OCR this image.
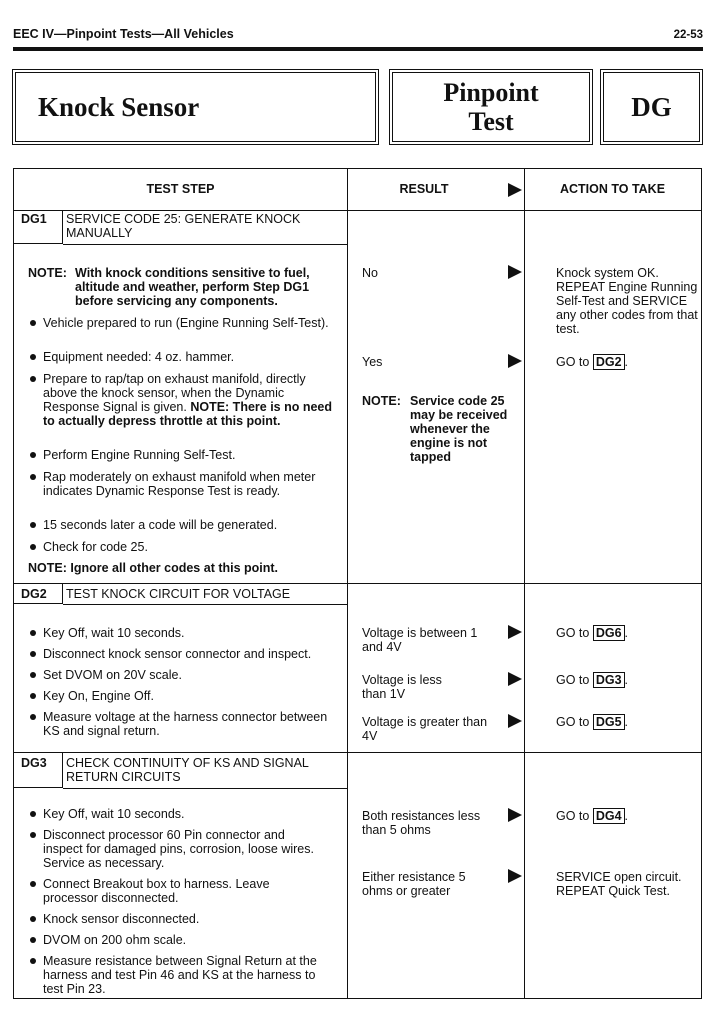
EEC IV—Pinpoint Tests—All Vehicles	22-53
Knock Sensor	Pinpoint
Test	DG
TEST STEP	RESULT	ACTION TO TAKE
DG1 SERVICE CODE 25: GENERATE KNOCK MANUALLY
NOTE: With knock conditions sensitive to fuel, altitude and weather, perform Step DG1 before servicing any components.
Vehicle prepared to run (Engine Running Self-Test).
Equipment needed: 4 oz. hammer.
Prepare to rap/tap on exhaust manifold, directly above the knock sensor, when the Dynamic Response Signal is given. NOTE: There is no need to actually depress throttle at this point.
Perform Engine Running Self-Test.
Rap moderately on exhaust manifold when meter indicates Dynamic Response Test is ready.
15 seconds later a code will be generated.
Check for code 25.
NOTE: Ignore all other codes at this point.
No	Knock system OK. REPEAT Engine Running Self-Test and SERVICE any other codes from that test.
Yes	GO to DG2 .
NOTE: Service code 25 may be received whenever the engine is not tapped
DG2 TEST KNOCK CIRCUIT FOR VOLTAGE
Key Off, wait 10 seconds.
Disconnect knock sensor connector and inspect.
Set DVOM on 20V scale.
Key On, Engine Off.
Measure voltage at the harness connector between KS and signal return.
Voltage is between 1 and 4V
GO to DG6 .
Voltage is less than 1V
GO to DG3 .
Voltage is greater than 4V
GO to DG5 .
DG3 CHECK CONTINUITY OF KS AND SIGNAL RETURN CIRCUITS
Key Off, wait 10 seconds.
Disconnect processor 60 Pin connector and inspect for damaged pins, corrosion, loose wires. Service as necessary.
Connect Breakout box to harness. Leave processor disconnected.
Knock sensor disconnected.
DVOM on 200 ohm scale.
Measure resistance between Signal Return at the harness and test Pin 46 and KS at the harness to test Pin 23.
Both resistances less than 5 ohms
GO to DG4 .
Either resistance 5 ohms or greater
SERVICE open circuit. REPEAT Quick Test.
